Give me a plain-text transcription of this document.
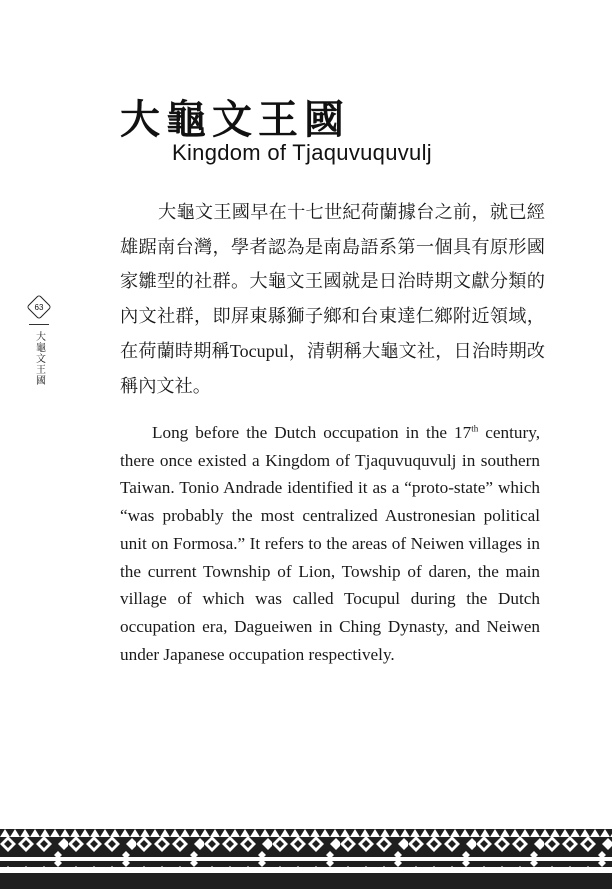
大龜文王國
Kingdom of Tjaquvuquvulj
63
大龜文王國

大龜文王國早在十七世紀荷蘭據台之前，就已經雄踞南台灣，學者認為是南島語系第一個具有原形國家雛型的社群。大龜文王國就是日治時期文獻分類的內文社群，即屏東縣獅子鄉和台東達仁鄉附近領域，在荷蘭時期稱Tocupul，清朝稱大龜文社，日治時期改稱內文社。

Long before the Dutch occupation in the 17th century, there once existed a Kingdom of Tjaquvuquvulj in southern Taiwan. Tonio Andrade identified it as a “proto-state” which “was probably the most centralized Austronesian political unit on Formosa.” It refers to the areas of Neiwen villages in the current Township of Lion, Towship of daren, the main village of which was called Tocupul during the Dutch occupation era, Dagueiwen in Ching Dynasty, and Neiwen under Japanese occupation respectively.
